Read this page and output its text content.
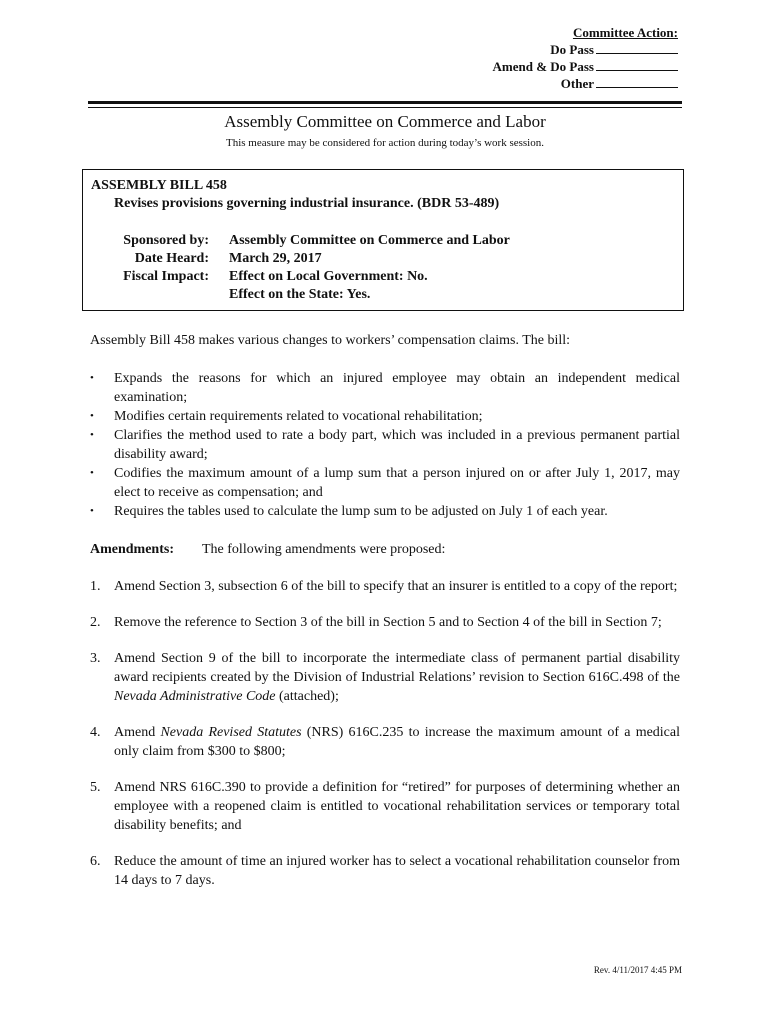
Committee Action:
Do Pass
Amend & Do Pass
Other
Assembly Committee on Commerce and Labor
This measure may be considered for action during today’s work session.
ASSEMBLY BILL 458
Revises provisions governing industrial insurance. (BDR 53-489)
Sponsored by:	Assembly Committee on Commerce and Labor
Date Heard:	March 29, 2017
Fiscal Impact:	Effect on Local Government: No.
Effect on the State: Yes.
Assembly Bill 458 makes various changes to workers’ compensation claims. The bill:
•	Expands the reasons for which an injured employee may obtain an independent medical examination;
•	Modifies certain requirements related to vocational rehabilitation;
•	Clarifies the method used to rate a body part, which was included in a previous permanent partial disability award;
•	Codifies the maximum amount of a lump sum that a person injured on or after July 1, 2017, may elect to receive as compensation; and
•	Requires the tables used to calculate the lump sum to be adjusted on July 1 of each year.
Amendments: The following amendments were proposed:
1. Amend Section 3, subsection 6 of the bill to specify that an insurer is entitled to a copy of the report;
2. Remove the reference to Section 3 of the bill in Section 5 and to Section 4 of the bill in Section 7;
3. Amend Section 9 of the bill to incorporate the intermediate class of permanent partial disability award recipients created by the Division of Industrial Relations’ revision to Section 616C.498 of the Nevada Administrative Code (attached);
4. Amend Nevada Revised Statutes (NRS) 616C.235 to increase the maximum amount of a medical only claim from $300 to $800;
5. Amend NRS 616C.390 to provide a definition for “retired” for purposes of determining whether an employee with a reopened claim is entitled to vocational rehabilitation services or temporary total disability benefits; and
6. Reduce the amount of time an injured worker has to select a vocational rehabilitation counselor from 14 days to 7 days.
Rev. 4/11/2017 4:45 PM
